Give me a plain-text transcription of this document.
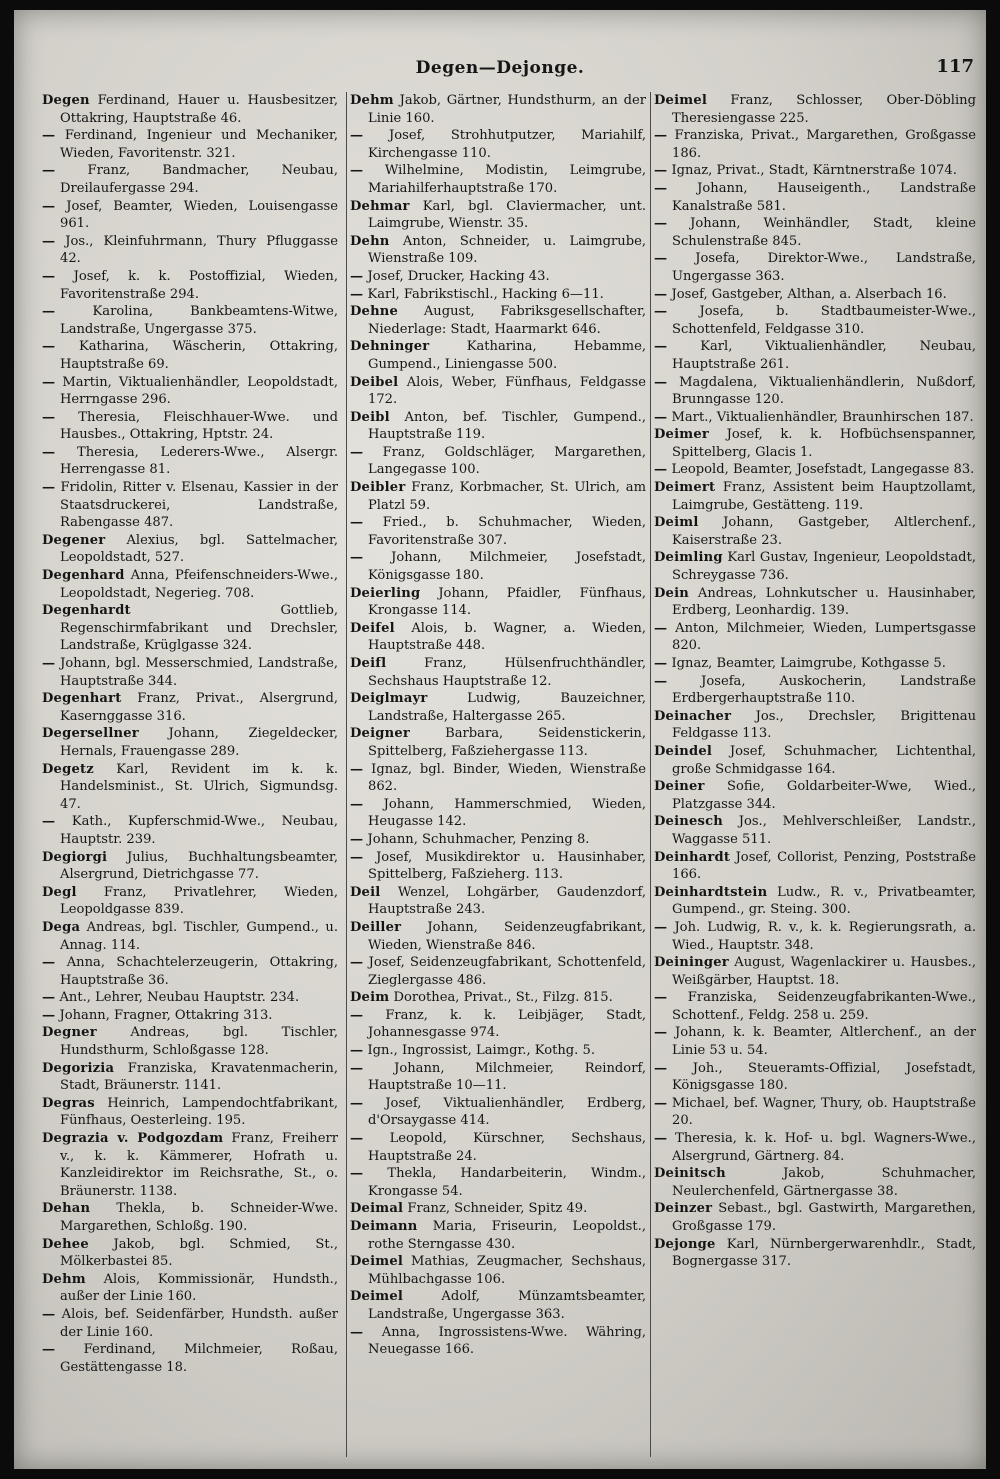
Degen—Dejonge.	117

Degen Ferdinand, Hauer u. Hausbesitzer, Ottakring, Hauptstraße 46.

— Ferdinand, Ingenieur und Mechaniker, Wieden, Favoritenstr. 321.

— Franz, Bandmacher, Neubau, Dreilaufergasse 294.

— Josef, Beamter, Wieden, Louisengasse 961.

— Jos., Kleinfuhrmann, Thury Pfluggasse 42.

— Josef, k. k. Postoffizial, Wieden, Favoritenstraße 294.

—	Karolina, Bankbeamtens-Witwe, Landstraße, Ungergasse 375.

— Katharina, Wäscherin, Ottakring, Hauptstraße 69.

— Martin, Viktualienhändler, Leopoldstadt, Herrngasse 296.

— Theresia, Fleischhauer-Wwe. und Hausbes., Ottakring, Hptstr. 24.

— Theresia, Lederers-Wwe., Alsergr. Herrengasse 81.

— Fridolin, Ritter v. Elsenau, Kassier in der Staatsdruckerei, Landstraße, Rabengasse 487.

Degener Alexius, bgl. Sattelmacher, Leopoldstadt, 527.

Degenhard Anna, Pfeifenschneiders-Wwe., Leopoldstadt, Negerieg. 708.

Degenhardt	Gottlieb, Regenschirmfabrikant und Drechsler, Landstraße, Krüglgasse 324.

— Johann, bgl. Messerschmied, Landstraße, Hauptstraße 344.

Degenhart Franz, Privat., Alsergrund, Kasernggasse 316.

Degersellner Johann, Ziegeldecker, Hernals, Frauengasse 289.

Degetz Karl, Revident im k. k. Handelsminist., St. Ulrich, Sigmundsg. 47.

— Kath., Kupferschmid-Wwe., Neubau, Hauptstr. 239.

Degiorgi Julius, Buchhaltungsbeamter, Alsergrund, Dietrichgasse 77.

Degl Franz, Privatlehrer, Wieden, Leopoldgasse 839.

Dega Andreas, bgl. Tischler, Gumpend., u. Annag. 114.

— Anna, Schachtelerzeugerin, Ottakring, Hauptstraße 36.

— Ant., Lehrer, Neubau Hauptstr. 234.

— Johann, Fragner, Ottakring 313.

Degner	Andreas, bgl. Tischler, Hundsthurm, Schloßgasse 128.

Degorizia Franziska, Kravatenmacherin, Stadt, Bräunerstr. 1141.

Degras Heinrich, Lampendochtfabrikant, Fünfhaus, Oesterleing. 195.

Degrazia v. Podgozdam Franz, Freiherr v., k. k. Kämmerer, Hofrath u. Kanzleidirektor im Reichsrathe, St., o. Bräunerstr. 1138.

Dehan Thekla, b. Schneider-Wwe. Margarethen, Schloßg. 190.

Dehee Jakob, bgl. Schmied, St., Mölkerbastei 85.

Dehm Alois, Kommissionär, Hundsth., außer der Linie 160.

— Alois, bef. Seidenfärber, Hundsth. außer der Linie 160.

— Ferdinand, Milchmeier, Roßau, Gestättengasse 18.

Dehm Jakob, Gärtner, Hundsthurm, an der Linie 160.

— Josef, Strohhutputzer, Mariahilf, Kirchengasse 110.

— Wilhelmine, Modistin, Leimgrube, Mariahilferhauptstraße 170.

Dehmar Karl, bgl. Claviermacher, unt. Laimgrube, Wienstr. 35.

Dehn Anton, Schneider, u. Laimgrube, Wienstraße 109.

— Josef, Drucker, Hacking 43.

— Karl, Fabrikstischl., Hacking 6—11.

Dehne August, Fabriksgesellschafter, Niederlage: Stadt, Haarmarkt 646.

Dehninger	Katharina, Hebamme, Gumpend., Liniengasse 500.

Deibel Alois, Weber, Fünfhaus, Feldgasse 172.

Deibl Anton, bef. Tischler, Gumpend., Hauptstraße 119.

— Franz, Goldschläger, Margarethen, Langegasse 100.

Deibler Franz, Korbmacher, St. Ulrich, am Platzl 59.

— Fried., b. Schuhmacher, Wieden, Favoritenstraße 307.

— Johann, Milchmeier, Josefstadt, Königsgasse 180.

Deierling Johann, Pfaidler, Fünfhaus, Krongasse 114.

Deifel Alois, b. Wagner, a. Wieden, Hauptstraße 448.

Deifl	Franz, Hülsenfruchthändler, Sechshaus Hauptstraße 12.

Deiglmayr	Ludwig, Bauzeichner, Landstraße, Haltergasse 265.

Deigner	Barbara, Seidenstickerin, Spittelberg, Faßziehergasse 113.

— Ignaz, bgl. Binder, Wieden, Wienstraße 862.

— Johann, Hammerschmied, Wieden, Heugasse 142.

— Johann, Schuhmacher, Penzing 8.

— Josef, Musikdirektor u. Hausinhaber, Spittelberg, Faßzieherg. 113.

Deil Wenzel, Lohgärber, Gaudenzdorf, Hauptstraße 243.

Deiller Johann, Seidenzeugfabrikant, Wieden, Wienstraße 846.

— Josef, Seidenzeugfabrikant, Schottenfeld, Zieglergasse 486.

Deim Dorothea, Privat., St., Filzg. 815.

— Franz, k. k. Leibjäger, Stadt, Johannesgasse 974.

— Ign., Ingrossist, Laimgr., Kothg. 5.

— Johann, Milchmeier, Reindorf, Hauptstraße 10—11.

— Josef, Viktualienhändler, Erdberg, d'Orsaygasse 414.

— Leopold, Kürschner, Sechshaus, Hauptstraße 24.

— Thekla, Handarbeiterin, Windm., Krongasse 54.

Deimal Franz, Schneider, Spitz 49.

Deimann Maria, Friseurin, Leopoldst., rothe Sterngasse 430.

Deimel Mathias, Zeugmacher, Sechshaus, Mühlbachgasse 106.

Deimel	Adolf, Münzamtsbeamter, Landstraße, Ungergasse 363.

— Anna, Ingrossistens-Wwe. Währing, Neuegasse 166.

Deimel Franz, Schlosser, Ober-Döbling Theresiengasse 225.

— Franziska, Privat., Margarethen, Großgasse 186.

— Ignaz, Privat., Stadt, Kärntnerstraße 1074.

— Johann, Hauseigenth., Landstraße Kanalstraße 581.

— Johann, Weinhändler, Stadt, kleine Schulenstraße 845.

— Josefa, Direktor-Wwe., Landstraße, Ungergasse 363.

— Josef, Gastgeber, Althan, a. Alserbach 16.

— Josefa, b. Stadtbaumeister-Wwe., Schottenfeld, Feldgasse 310.

—	Karl, Viktualienhändler, Neubau, Hauptstraße 261.

— Magdalena, Viktualienhändlerin, Nußdorf, Brunngasse 120.

— Mart., Viktualienhändler, Braunhirschen 187.

Deimer Josef, k. k. Hofbüchsenspanner, Spittelberg, Glacis 1.

— Leopold, Beamter, Josefstadt, Langegasse 83.

Deimert Franz, Assistent beim Hauptzollamt, Laimgrube, Gestätteng. 119.

Deiml Johann, Gastgeber, Altlerchenf., Kaiserstraße 23.

Deimling Karl Gustav, Ingenieur, Leopoldstadt, Schreygasse 736.

Dein Andreas, Lohnkutscher u. Hausinhaber, Erdberg, Leonhardig. 139.

— Anton, Milchmeier, Wieden, Lumpertsgasse 820.

— Ignaz, Beamter, Laimgrube, Kothgasse 5.

—	Josefa, Auskocherin, Landstraße Erdbergerhauptstraße 110.

Deinacher Jos., Drechsler, Brigittenau Feldgasse 113.

Deindel Josef, Schuhmacher, Lichtenthal, große Schmidgasse 164.

Deiner Sofie, Goldarbeiter-Wwe, Wied., Platzgasse 344.

Deinesch Jos., Mehlverschleißer, Landstr., Waggasse 511.

Deinhardt Josef, Collorist, Penzing, Poststraße 166.

Deinhardtstein Ludw., R. v., Privatbeamter, Gumpend., gr. Steing. 300.

— Joh. Ludwig, R. v., k. k. Regierungsrath, a. Wied., Hauptstr. 348.

Deininger August, Wagenlackirer u. Hausbes., Weißgärber, Hauptst. 18.

— Franziska, Seidenzeugfabrikanten-Wwe., Schottenf., Feldg. 258 u. 259.

— Johann, k. k. Beamter, Altlerchenf., an der Linie 53 u. 54.

— Joh., Steueramts-Offizial, Josefstadt, Königsgasse 180.

— Michael, bef. Wagner, Thury, ob. Hauptstraße 20.

— Theresia, k. k. Hof- u. bgl. Wagners-Wwe., Alsergrund, Gärtnerg. 84.

Deinitsch	Jakob, Schuhmacher, Neulerchenfeld, Gärtnergasse 38.

Deinzer Sebast., bgl. Gastwirth, Margarethen, Großgasse 179.

Dejonge Karl, Nürnbergerwarenhdlr., Stadt, Bognergasse 317.
